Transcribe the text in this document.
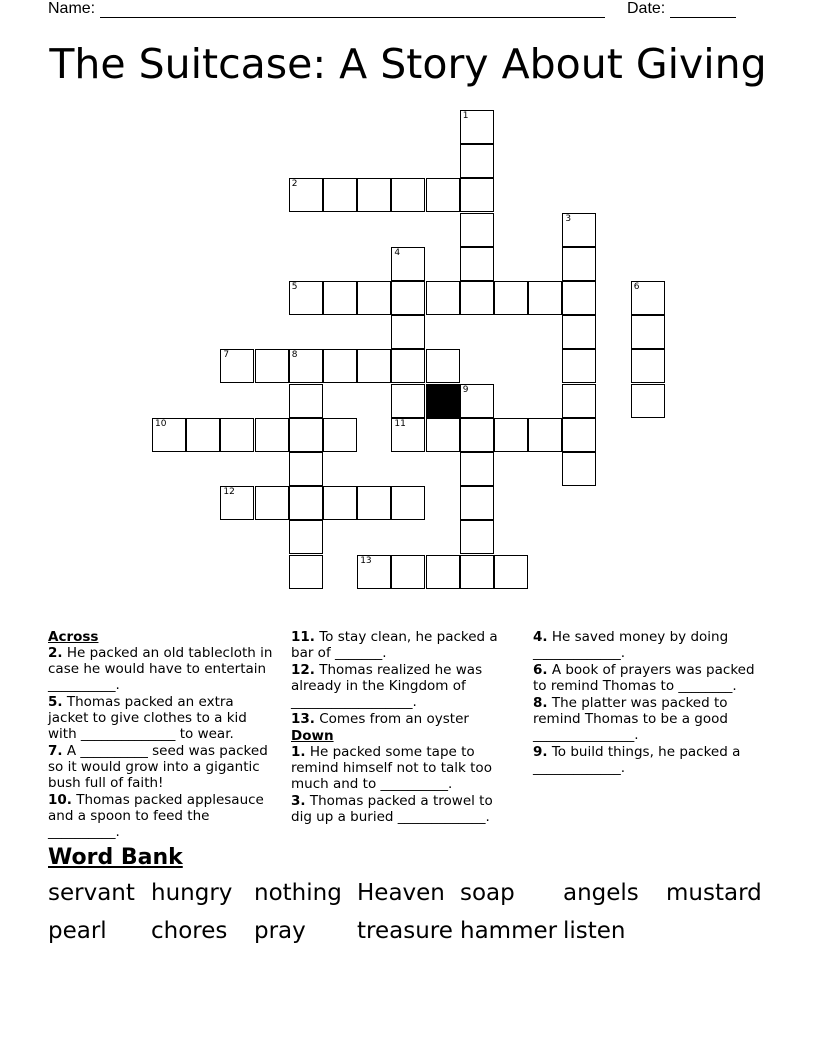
Name:	Date:
The Suitcase: A Story About Giving
1
2
3
4
5	6
7	8
9
10	11
12
13
Across
2. He packed an old tablecloth in case he would have to entertain __________.
5. Thomas packed an extra jacket to give clothes to a kid with ______________ to wear.
7. A __________ seed was packed so it would grow into a gigantic bush full of faith!
10. Thomas packed applesauce and a spoon to feed the __________.
11. To stay clean, he packed a bar of _______.
12. Thomas realized he was already in the Kingdom of __________________.
13. Comes from an oyster
Down
1. He packed some tape to remind himself not to talk too much and to __________.
3. Thomas packed a trowel to dig up a buried _____________.
4. He saved money by doing _____________.
6. A book of prayers was packed to remind Thomas to ________.
8. The platter was packed to remind Thomas to be a good _______________.
9. To build things, he packed a _____________.
Word Bank
servant hungry nothing Heaven soap angels mustard
pearl chores pray treasure hammer listen
